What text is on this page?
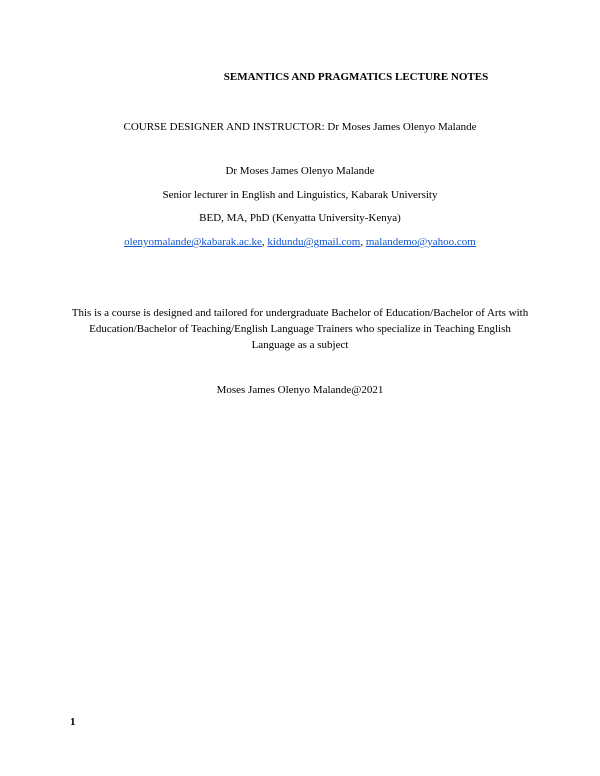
SEMANTICS AND PRAGMATICS LECTURE NOTES
COURSE DESIGNER AND INSTRUCTOR: Dr Moses James Olenyo Malande
Dr Moses James Olenyo Malande
Senior lecturer in English and Linguistics, Kabarak University
BED, MA, PhD (Kenyatta University-Kenya)
olenyomalande@kabarak.ac.ke, kidundu@gmail.com, malandemo@yahoo.com
This is a course is designed and tailored for undergraduate Bachelor of Education/Bachelor of Arts with Education/Bachelor of Teaching/English Language Trainers who specialize in Teaching English Language as a subject
Moses James Olenyo Malande@2021
1
